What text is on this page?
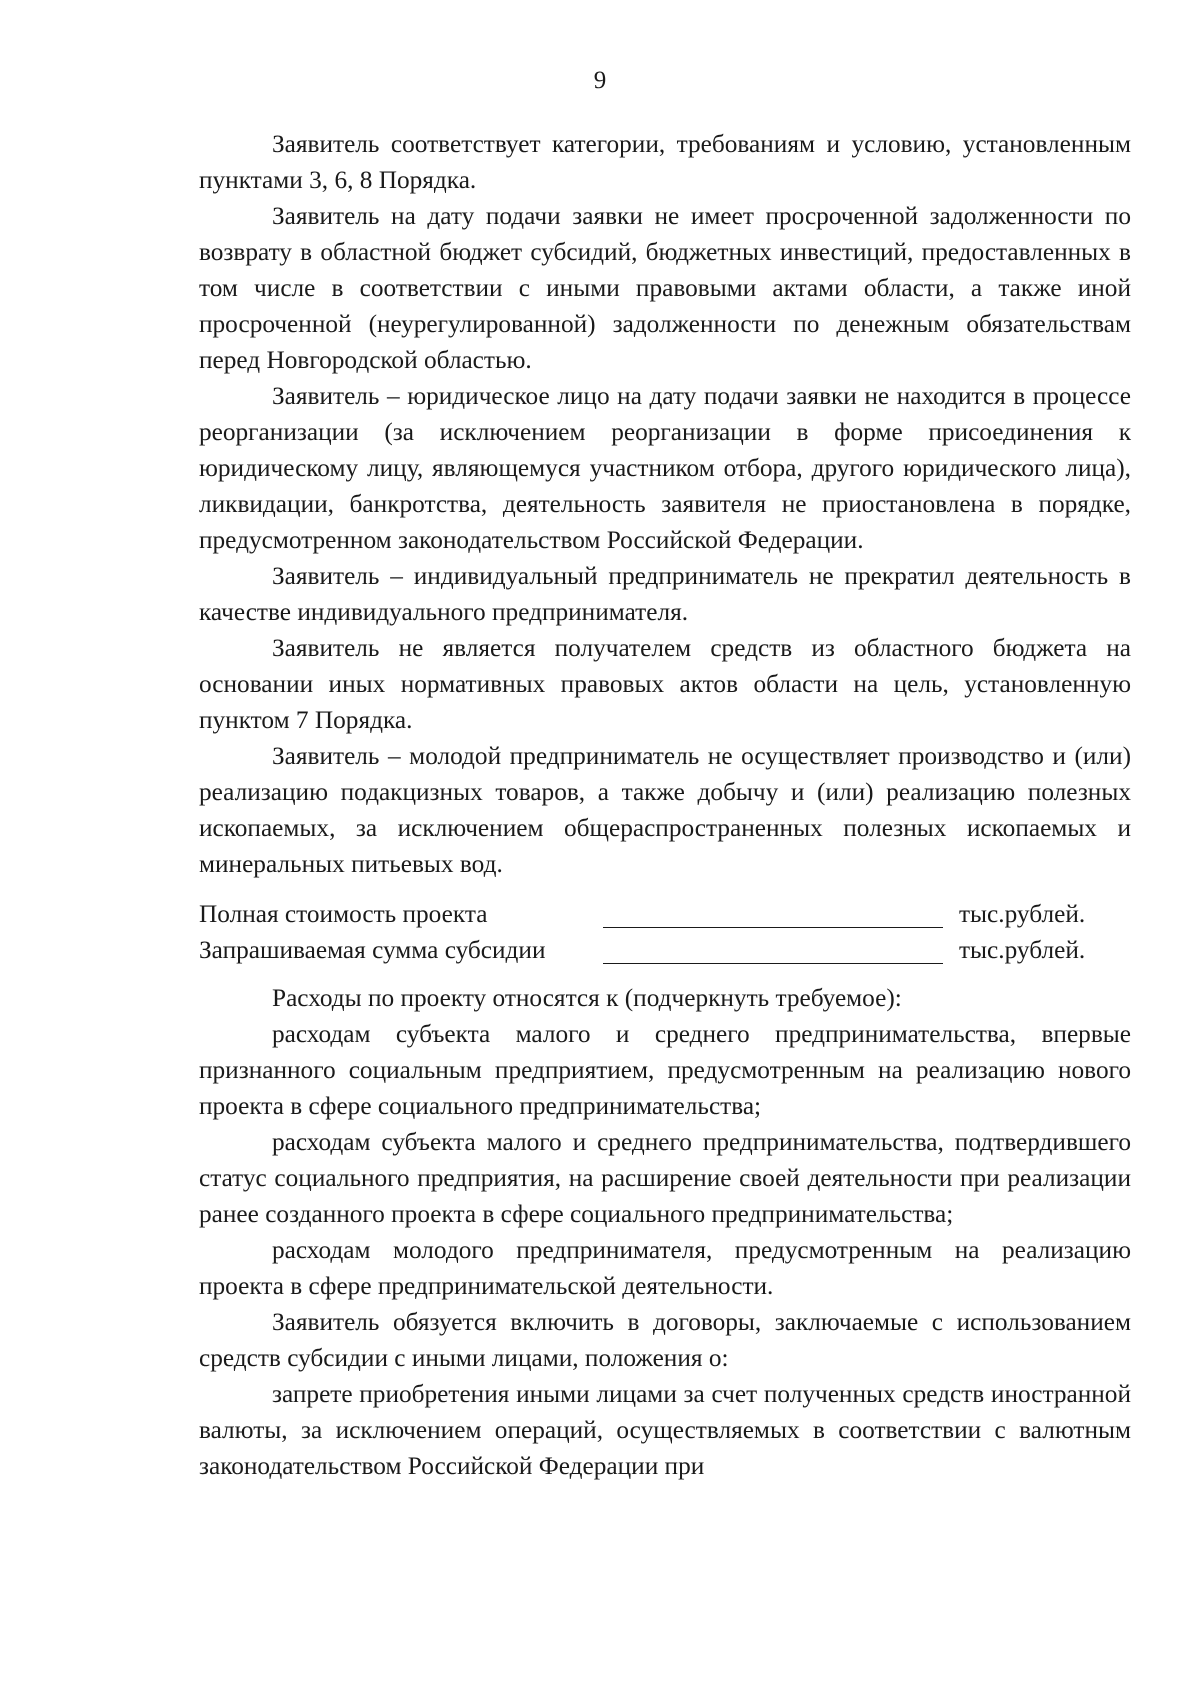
9

Заявитель соответствует категории, требованиям и условию, установленным пунктами 3, 6, 8 Порядка.

Заявитель на дату подачи заявки не имеет просроченной задолженности по возврату в областной бюджет субсидий, бюджетных инвестиций, предоставленных в том числе в соответствии с иными правовыми актами области, а также иной просроченной (неурегулированной) задолженности по денежным обязательствам перед Новгородской областью.

Заявитель – юридическое лицо на дату подачи заявки не находится в процессе реорганизации (за исключением реорганизации в форме присоединения к юридическому лицу, являющемуся участником отбора, другого юридического лица), ликвидации, банкротства, деятельность заявителя не приостановлена в порядке, предусмотренном законодательством Российской Федерации.

Заявитель – индивидуальный предприниматель не прекратил деятельность в качестве индивидуального предпринимателя.

Заявитель не является получателем средств из областного бюджета на основании иных нормативных правовых актов области на цель, установленную пунктом 7 Порядка.

Заявитель – молодой предприниматель не осуществляет производство и (или) реализацию подакцизных товаров, а также добычу и (или) реализацию полезных ископаемых, за исключением общераспространенных полезных ископаемых и минеральных питьевых вод.

Полная стоимость проекта	тыс.рублей.
Запрашиваемая сумма субсидии	тыс.рублей.

Расходы по проекту относятся к (подчеркнуть требуемое):

расходам субъекта малого и среднего предпринимательства, впервые признанного социальным предприятием, предусмотренным на реализацию нового проекта в сфере социального предпринимательства;

расходам субъекта малого и среднего предпринимательства, подтвердившего статус социального предприятия, на расширение своей деятельности при реализации ранее созданного проекта в сфере социального предпринимательства;

расходам молодого предпринимателя, предусмотренным на реализацию проекта в сфере предпринимательской деятельности.

Заявитель обязуется включить в договоры, заключаемые с использованием средств субсидии с иными лицами, положения о:

запрете приобретения иными лицами за счет полученных средств иностранной валюты, за исключением операций, осуществляемых в соответствии с валютным законодательством Российской Федерации при
